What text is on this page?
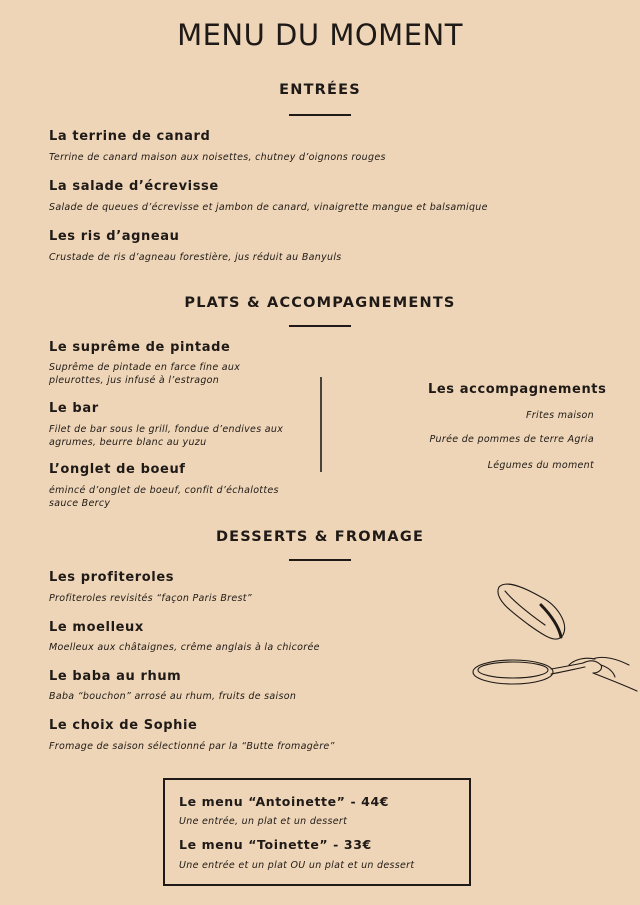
MENU DU MOMENT
ENTRÉES
La terrine de canard
Terrine de canard maison aux noisettes, chutney d’oignons rouges
La salade d’écrevisse
Salade de queues d’écrevisse et jambon de canard, vinaigrette mangue et balsamique
Les ris d’agneau
Crustade de ris d’agneau forestière, jus réduit au Banyuls
PLATS & ACCOMPAGNEMENTS
Le suprême de pintade
Suprême de pintade en farce fine aux
pleurottes, jus infusé à l’estragon
Le bar
Filet de bar sous le grill, fondue d’endives aux
agrumes, beurre blanc au yuzu
L’onglet de boeuf
émincé d’onglet de boeuf, confit d’échalottes
sauce Bercy
Les accompagnements
Frites maison
Purée de pommes de terre Agria
Légumes du moment
DESSERTS & FROMAGE
Les profiteroles
Profiteroles revisités “façon Paris Brest”
Le moelleux
Moelleux aux châtaignes, crême anglais à la chicorée
Le baba au rhum
Baba “bouchon” arrosé au rhum, fruits de saison
Le choix de Sophie
Fromage de saison sélectionné par la “Butte fromagère”
Le menu “Antoinette” - 44€
Une entrée, un plat et un dessert
Le menu “Toinette” - 33€
Une entrée et un plat OU un plat et un dessert
